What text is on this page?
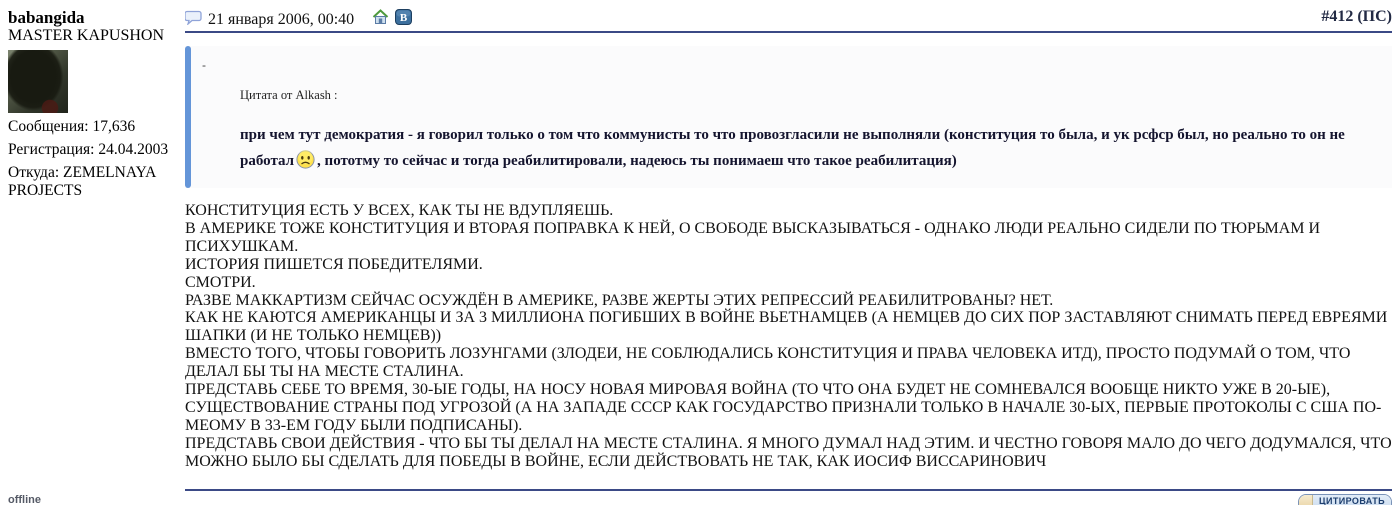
babangida
MASTER KAPUSHON
Сообщения: 17,636
Регистрация: 24.04.2003
Откуда: ZEMELNAYA PROJECTS
offline
21 января 2006, 00:40	B	#412 (ПС)
-
Цитата от Alkash :
при чем тут демократия - я говорил только о том что коммунисты то что провозгласили не выполняли (конституция то была, и ук рсфср был, но реально то он не работал , пототму то сейчас и тогда реабилитировали, надеюсь ты понимаеш что такое реабилитация)

КОНСТИТУЦИЯ ЕСТЬ У ВСЕХ, КАК ТЫ НЕ ВДУПЛЯЕШЬ.

В АМЕРИКЕ ТОЖЕ КОНСТИТУЦИЯ И ВТОРАЯ ПОПРАВКА К НЕЙ, О СВОБОДЕ ВЫСКАЗЫВАТЬСЯ - ОДНАКО ЛЮДИ РЕАЛЬНО СИДЕЛИ ПО ТЮРЬМАМ И ПСИХУШКАМ.

ИСТОРИЯ ПИШЕТСЯ ПОБЕДИТЕЛЯМИ.

СМОТРИ.

РАЗВЕ МАККАРТИЗМ СЕЙЧАС ОСУЖДЁН В АМЕРИКЕ, РАЗВЕ ЖЕРТЫ ЭТИХ РЕПРЕССИЙ РЕАБИЛИТРОВАНЫ? НЕТ.

КАК НЕ КАЮТСЯ АМЕРИКАНЦЫ И ЗА 3 МИЛЛИОНА ПОГИБШИХ В ВОЙНЕ ВЬЕТНАМЦЕВ (А НЕМЦЕВ ДО СИХ ПОР ЗАСТАВЛЯЮТ СНИМАТЬ ПЕРЕД ЕВРЕЯМИ ШАПКИ (И НЕ ТОЛЬКО НЕМЦЕВ))

ВМЕСТО ТОГО, ЧТОБЫ ГОВОРИТЬ ЛОЗУНГАМИ (ЗЛОДЕИ, НЕ СОБЛЮДАЛИСЬ КОНСТИТУЦИЯ И ПРАВА ЧЕЛОВЕКА ИТД), ПРОСТО ПОДУМАЙ О ТОМ, ЧТО ДЕЛАЛ БЫ ТЫ НА МЕСТЕ СТАЛИНА.

ПРЕДСТАВЬ СЕБЕ ТО ВРЕМЯ, 30-ЫЕ ГОДЫ, НА НОСУ НОВАЯ МИРОВАЯ ВОЙНА (ТО ЧТО ОНА БУДЕТ НЕ СОМНЕВАЛСЯ ВООБЩЕ НИКТО УЖЕ В 20-ЫЕ), СУЩЕСТВОВАНИЕ СТРАНЫ ПОД УГРОЗОЙ (А НА ЗАПАДЕ СССР КАК ГОСУДАРСТВО ПРИЗНАЛИ ТОЛЬКО В НАЧАЛЕ 30-ЫХ, ПЕРВЫЕ ПРОТОКОЛЫ С США ПО-МЕОМУ В 33-ЕМ ГОДУ БЫЛИ ПОДПИСАНЫ).

ПРЕДСТАВЬ СВОИ ДЕЙСТВИЯ - ЧТО БЫ ТЫ ДЕЛАЛ НА МЕСТЕ СТАЛИНА. Я МНОГО ДУМАЛ НАД ЭТИМ. И ЧЕСТНО ГОВОРЯ МАЛО ДО ЧЕГО ДОДУМАЛСЯ, ЧТО МОЖНО БЫЛО БЫ СДЕЛАТЬ ДЛЯ ПОБЕДЫ В ВОЙНЕ, ЕСЛИ ДЕЙСТВОВАТЬ НЕ ТАК, КАК ИОСИФ ВИССАРИНОВИЧ

ЦИТИРОВАТЬ
